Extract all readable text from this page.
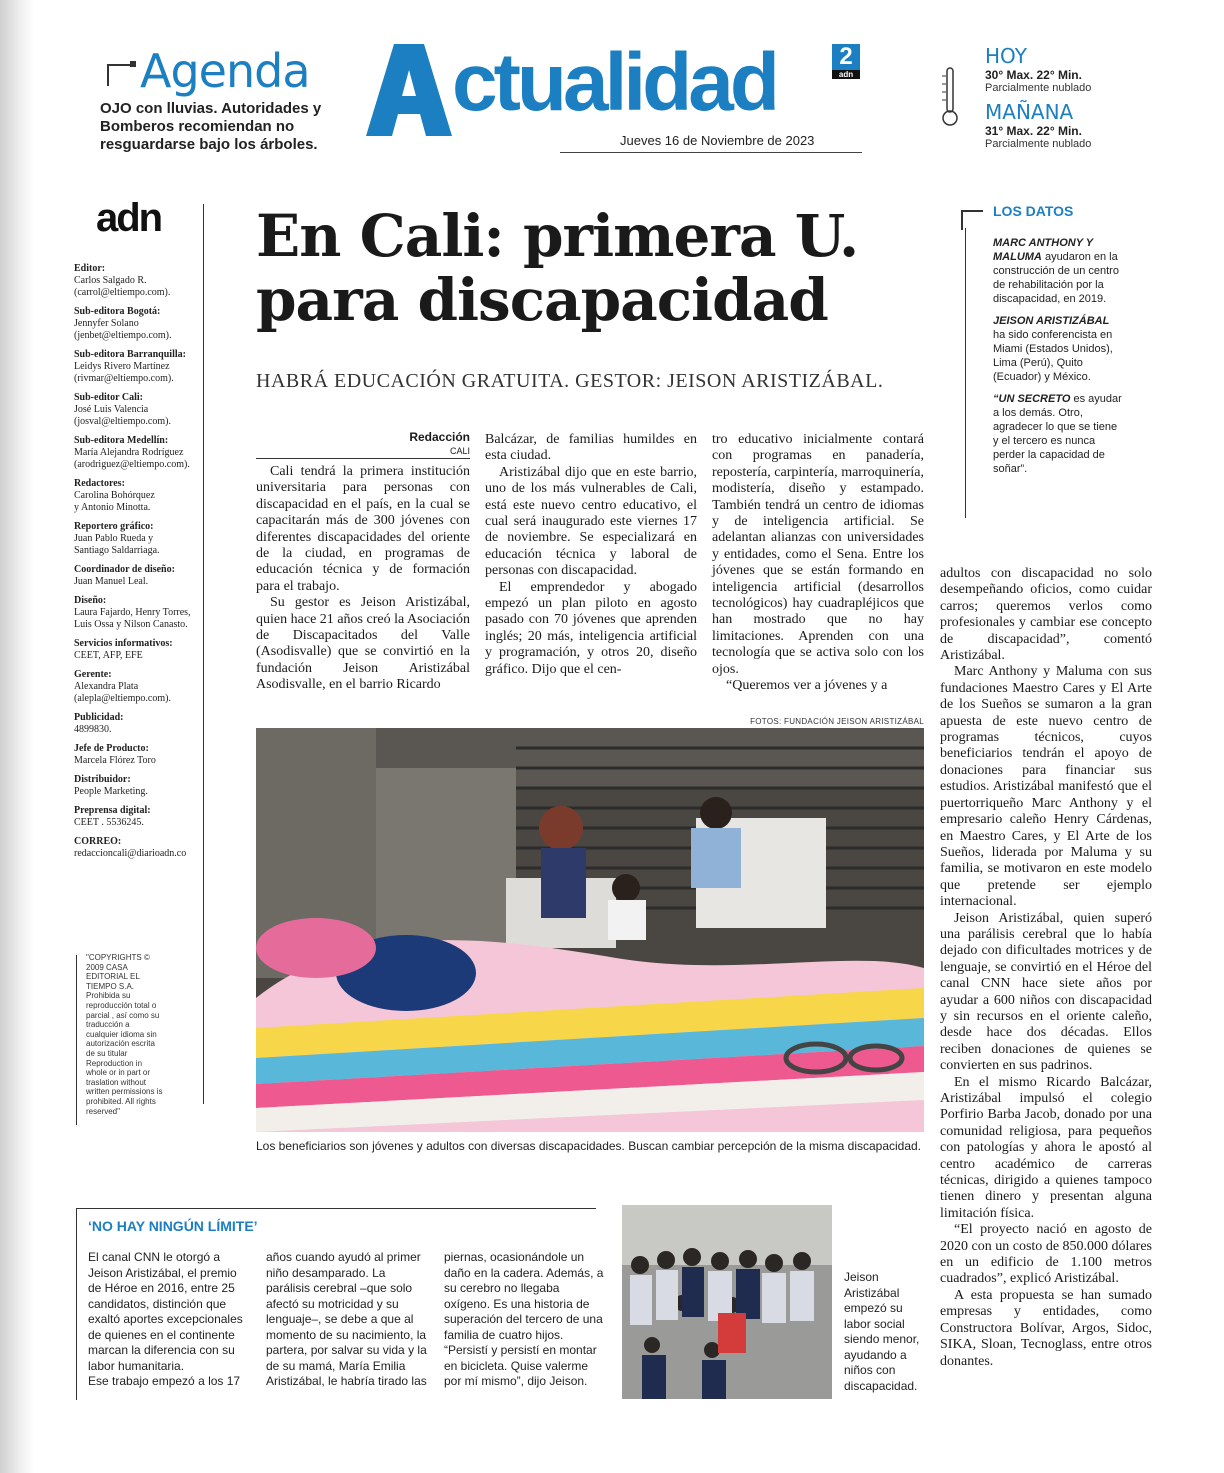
Agenda
OJO con lluvias. Autoridades y Bomberos recomiendan no resguardarse bajo los árboles.
ctualidad	2
adn
Jueves 16 de Noviembre de 2023
HOY
30° Max. 22° Min.
Parcialmente nublado
MAÑANA
31° Max. 22° Min.
Parcialmente nublado
adn
Editor:
Carlos Salgado R.
(carrol@eltiempo.com).
Sub-editora Bogotá:
Jennyfer Solano
(jenbet@eltiempo.com).
Sub-editora Barranquilla:
Leidys Rivero Martínez
(rivmar@eltiempo.com).
Sub-editor Cali:
José Luis Valencia
(josval@eltiempo.com).
Sub-editora Medellín:
María Alejandra Rodríguez
(arodriguez@eltiempo.com).
Redactores:
Carolina Bohórquez
y Antonio Minotta.
Reportero gráfico:
Juan Pablo Rueda y
Santiago Saldarriaga.
Coordinador de diseño:
Juan Manuel Leal.
Diseño:
Laura Fajardo, Henry Torres,
Luis Ossa y Nilson Canasto.
Servicios informativos:
CEET, AFP, EFE
Gerente:
Alexandra Plata
(alepla@eltiempo.com).
Publicidad:
4899830.
Jefe de Producto:
Marcela Flórez Toro
Distribuidor:
People Marketing.
Preprensa digital:
CEET . 5536245.
CORREO:
redaccioncali@diarioadn.co
"COPYRIGHTS © 2009 CASA EDITORIAL EL TIEMPO S.A. Prohibida su reproducción total o parcial , así como su traducción a cualquier idioma sin autorización escrita de su titular Reproduction in whole or in part or traslation without written permissions is prohibited. All rights reserved"
En Cali: primera U.
para discapacidad
HABRÁ EDUCACIÓN GRATUITA. GESTOR: JEISON ARISTIZÁBAL.
Redacción
CALI

Cali tendrá la primera institución universitaria para personas con discapacidad en el país, en la cual se capacitarán más de 300 jóvenes con diferentes discapacidades del oriente de la ciudad, en programas de educación técnica y de formación para el trabajo.

Su gestor es Jeison Aristizábal, quien hace 21 años creó la Asociación de Discapacitados del Valle (Asodisvalle) que se convirtió en la fundación Jeison Aristizábal Asodisvalle, en el barrio Ricardo

Balcázar, de familias humildes en esta ciudad.

Aristizábal dijo que en este barrio, uno de los más vulnerables de Cali, está este nuevo centro educativo, el cual será inaugurado este viernes 17 de noviembre. Se especializará en educación técnica y laboral de personas con discapacidad.

El emprendedor y abogado empezó un plan piloto en agosto pasado con 70 jóvenes que aprenden inglés; 20 más, inteligencia artificial y programación, y otros 20, diseño gráfico. Dijo que el cen-

tro educativo inicialmente contará con programas en panadería, repostería, carpintería, marroquinería, modistería, diseño y estampado. También tendrá un centro de idiomas y de inteligencia artificial. Se adelantan alianzas con universidades y entidades, como el Sena. Entre los jóvenes que se están formando en inteligencia artificial (desarrollos tecnológicos) hay cuadrapléjicos que han mostrado que no hay limitaciones. Aprenden con una tecnología que se activa solo con los ojos.

“Queremos ver a jóvenes y a

adultos con discapacidad no solo desempeñando oficios, como cuidar carros; queremos verlos como profesionales y cambiar ese concepto de discapacidad”, comentó Aristizábal.

Marc Anthony y Maluma con sus fundaciones Maestro Cares y El Arte de los Sueños se sumaron a la gran apuesta de este nuevo centro de programas técnicos, cuyos beneficiarios tendrán el apoyo de donaciones para financiar sus estudios. Aristizábal manifestó que el puertorriqueño Marc Anthony y el empresario caleño Henry Cárdenas, en Maestro Cares, y El Arte de los Sueños, liderada por Maluma y su familia, se motivaron en este modelo que pretende ser ejemplo internacional.

Jeison Aristizábal, quien superó una parálisis cerebral que lo había dejado con dificultades motrices y de lenguaje, se convirtió en el Héroe del canal CNN hace siete años por ayudar a 600 niños con discapacidad y sin recursos en el oriente caleño, desde hace dos décadas. Ellos reciben donaciones de quienes se convierten en sus padrinos.

En el mismo Ricardo Balcázar, Aristizábal impulsó el colegio Porfirio Barba Jacob, donado por una comunidad religiosa, para pequeños con patologías y ahora le apostó al centro académico de carreras técnicas, dirigido a quienes tampoco tienen dinero y presentan alguna limitación física.

“El proyecto nació en agosto de 2020 con un costo de 850.000 dólares en un edificio de 1.100 metros cuadrados”, explicó Aristizábal.

A esta propuesta se han sumado empresas y entidades, como Constructora Bolívar, Argos, Sidoc, SIKA, Sloan, Tecnoglass, entre otros donantes.

LOS DATOS

MARC ANTHONY Y MALUMA ayudaron en la construcción de un centro de rehabilitación por la discapacidad, en 2019.

JEISON ARISTIZÁBAL ha sido conferencista en Miami (Estados Unidos), Lima (Perú), Quito (Ecuador) y México.

“UN SECRETO es ayudar a los demás. Otro, agradecer lo que se tiene y el tercero es nunca perder la capacidad de soñar”.

FOTOS: FUNDACIÓN JEISON ARISTIZÁBAL
Los beneficiarios son jóvenes y adultos con diversas discapacidades. Buscan cambiar percepción de la misma discapacidad.
‘NO HAY NINGÚN LÍMITE’

El canal CNN le otorgó a Jeison Aristizábal, el premio de Héroe en 2016, entre 25 candidatos, distinción que exaltó aportes excepcionales de quienes en el continente marcan la diferencia con su labor humanitaria.

Ese trabajo empezó a los 17

años cuando ayudó al primer niño desamparado. La parálisis cerebral –que solo afectó su motricidad y su lenguaje–, se debe a que al momento de su nacimiento, la partera, por salvar su vida y la de su mamá, María Emilia Aristizábal, le habría tirado las

piernas, ocasionándole un daño en la cadera. Además, a su cerebro no llegaba oxígeno. Es una historia de superación del tercero de una familia de cuatro hijos.

“Persistí y persistí en montar en bicicleta. Quise valerme por mí mismo”, dijo Jeison.

Jeison Aristizábal empezó su labor social siendo menor, ayudando a niños con discapacidad.
